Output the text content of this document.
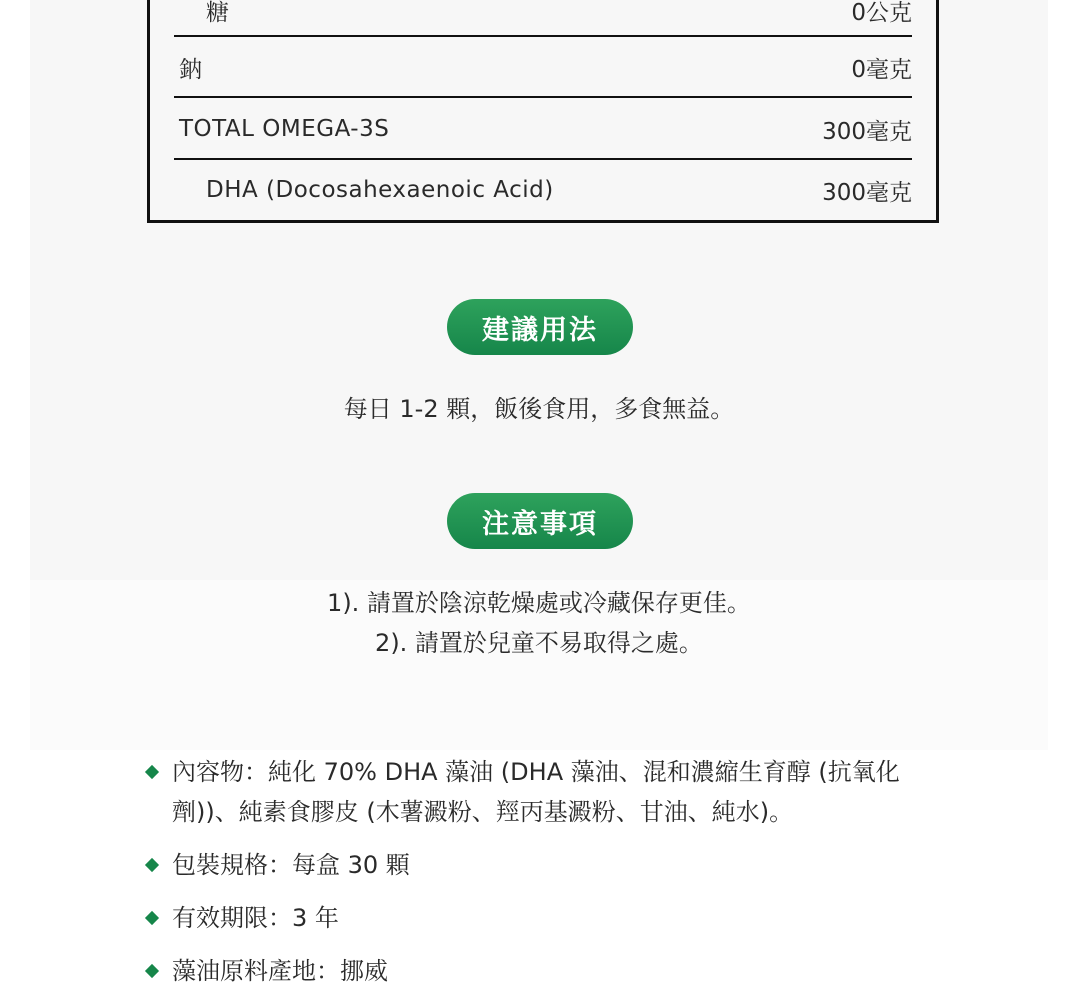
糖	0公克
鈉	0毫克
TOTAL OMEGA-3S	300毫克
DHA (Docosahexaenoic Acid)	300毫克
建議用法
每日 1-2 顆，飯後食用，多食無益。
注意事項
1). 請置於陰涼乾燥處或冷藏保存更佳。
2). 請置於兒童不易取得之處。
內容物：純化 70% DHA 藻油 (DHA 藻油、混和濃縮生育醇 (抗氧化劑))、純素食膠皮 (木薯澱粉、羥丙基澱粉、甘油、純水)。
包裝規格：每盒 30 顆
有效期限：3 年
藻油原料產地：挪威
